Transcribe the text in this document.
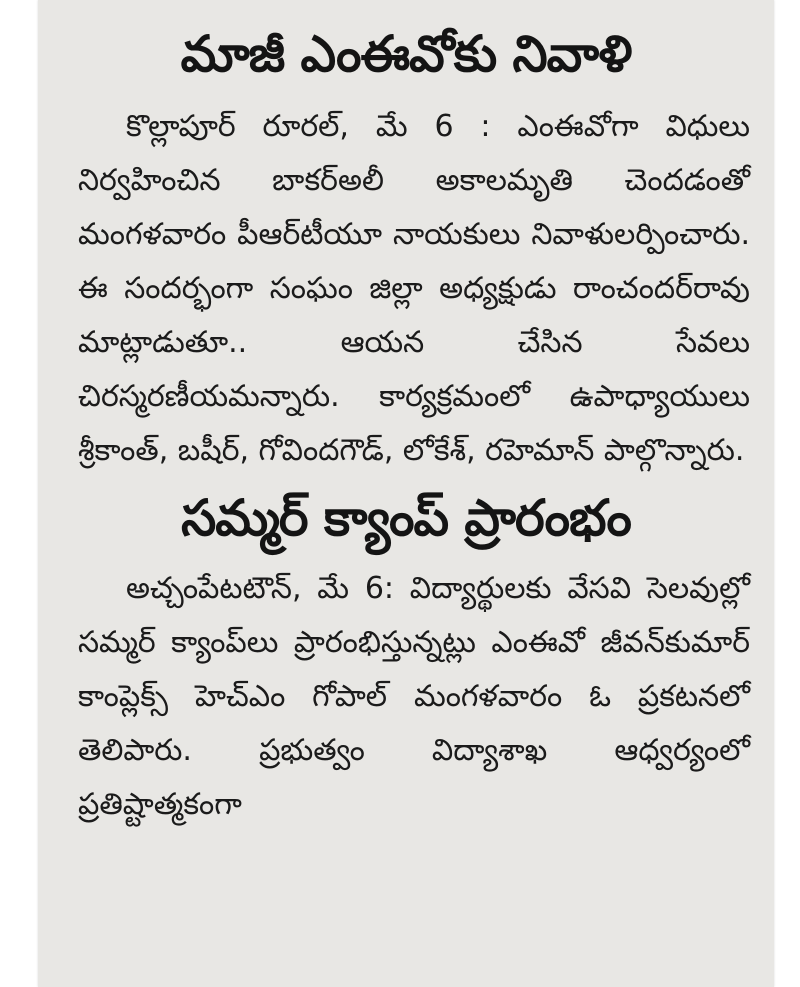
మాజీ ఎంఈవోకు నివాళి

కొల్లాపూర్ రూరల్, మే 6 : ఎంఈవోగా విధులు నిర్వహించిన బాకర్‌అలీ అకాలమృతి చెందడంతో మంగళవారం పీఆర్‌టీయూ నాయకులు నివాళులర్పించారు. ఈ సందర్భంగా సంఘం జిల్లా అధ్యక్షుడు రాంచందర్‌రావు మాట్లాడుతూ.. ఆయన చేసిన సేవలు చిరస్మరణీయమన్నారు. కార్యక్రమంలో ఉపాధ్యాయులు శ్రీకాంత్, బషీర్, గోవిందగౌడ్, లోకేశ్, రహెమాన్ పాల్గొన్నారు.

సమ్మర్ క్యాంప్ ప్రారంభం

అచ్చంపేటటౌన్, మే 6: విద్యార్థులకు వేసవి సెలవుల్లో సమ్మర్ క్యాంప్‌లు ప్రారంభిస్తున్నట్లు ఎంఈవో జీవన్‌కుమార్ కాంప్లెక్స్ హెచ్‌ఎం గోపాల్ మంగళవారం ఓ ప్రకటనలో తెలిపారు. ప్రభుత్వం విద్యాశాఖ ఆధ్వర్యంలో ప్రతిష్టాత్మకంగా
